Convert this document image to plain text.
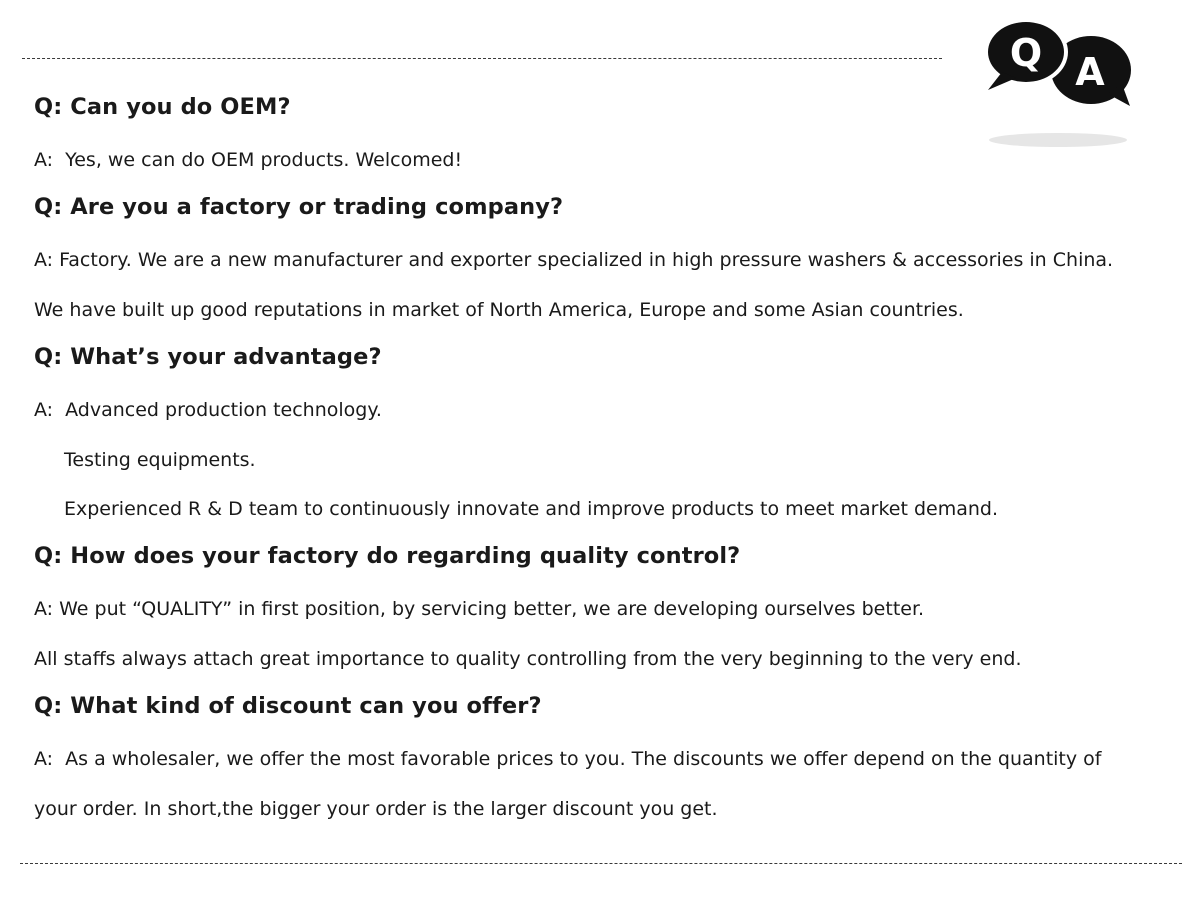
A
Q
Q: Can you do OEM?
A:  Yes, we can do OEM products. Welcomed!
Q: Are you a factory or trading company?
A: Factory. We are a new manufacturer and exporter specialized in high pressure washers & accessories in China.
We have built up good reputations in market of North America, Europe and some Asian countries.
Q: What’s your advantage?
A:  Advanced production technology.
Testing equipments.
Experienced R & D team to continuously innovate and improve products to meet market demand.
Q: How does your factory do regarding quality control?
A: We put “QUALITY” in first position, by servicing better, we are developing ourselves better.
All staffs always attach great importance to quality controlling from the very beginning to the very end.
Q: What kind of discount can you offer?
A:  As a wholesaler, we offer the most favorable prices to you. The discounts we offer depend on the quantity of
your order. In short,the bigger your order is the larger discount you get.
